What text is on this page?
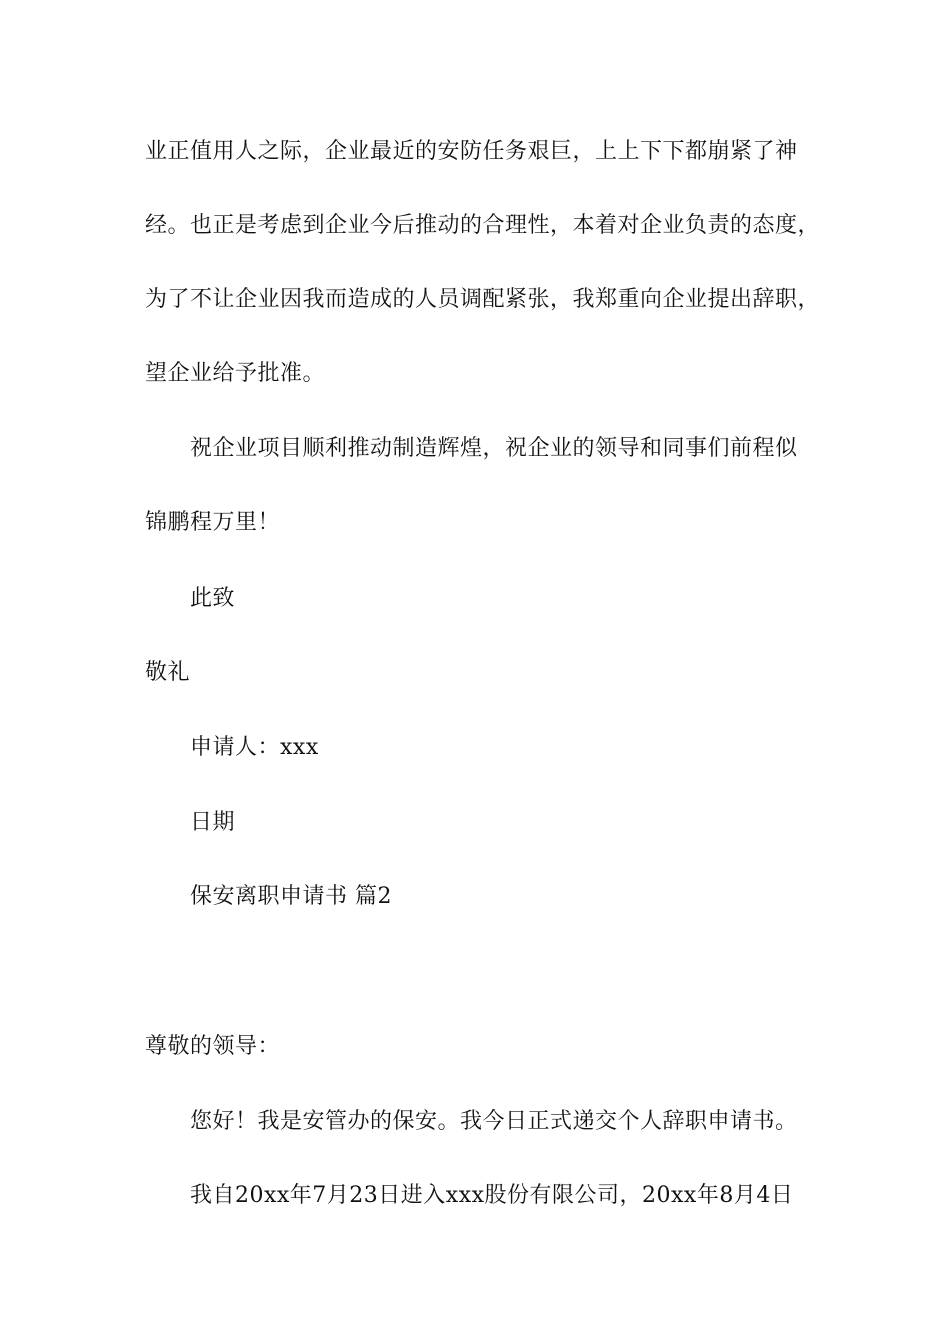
业正值用人之际，企业最近的安防任务艰巨，上上下下都崩紧了神
经。也正是考虑到企业今后推动的合理性，本着对企业负责的态度，
为了不让企业因我而造成的人员调配紧张，我郑重向企业提出辞职，
望企业给予批准。
祝企业项目顺利推动制造辉煌，祝企业的领导和同事们前程似
锦鹏程万里！
此致
敬礼
申请人：xxx
日期
保安离职申请书 篇2
尊敬的领导：
您好！我是安管办的保安。我今日正式递交个人辞职申请书。
我自20xx年7月23日进入xxx股份有限公司，20xx年8月4日
